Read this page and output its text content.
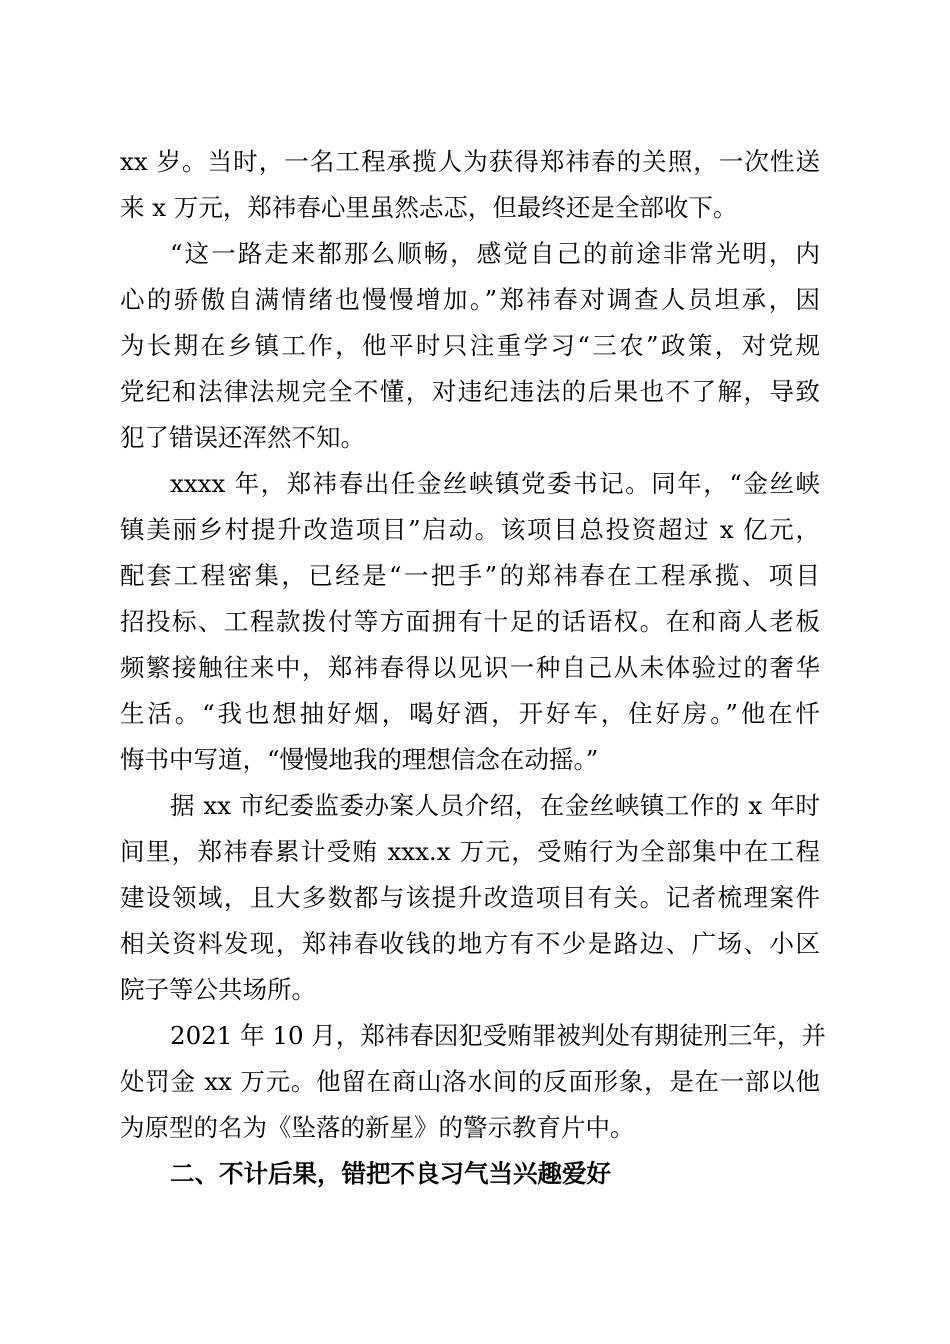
xx 岁。当时，一名工程承揽人为获得郑祎春的关照，一次性送
来 x 万元，郑祎春心里虽然忐忑，但最终还是全部收下。
“这一路走来都那么顺畅，感觉自己的前途非常光明，内
心的骄傲自满情绪也慢慢增加。”郑祎春对调查人员坦承，因
为长期在乡镇工作，他平时只注重学习“三农”政策，对党规
党纪和法律法规完全不懂，对违纪违法的后果也不了解，导致
犯了错误还浑然不知。
xxxx 年，郑祎春出任金丝峡镇党委书记。同年，“金丝峡
镇美丽乡村提升改造项目”启动。该项目总投资超过 x 亿元，
配套工程密集，已经是“一把手”的郑祎春在工程承揽、项目
招投标、工程款拨付等方面拥有十足的话语权。在和商人老板
频繁接触往来中，郑祎春得以见识一种自己从未体验过的奢华
生活。“我也想抽好烟，喝好酒，开好车，住好房。”他在忏
悔书中写道，“慢慢地我的理想信念在动摇。”
据 xx 市纪委监委办案人员介绍，在金丝峡镇工作的 x 年时
间里，郑祎春累计受贿 xxx.x 万元，受贿行为全部集中在工程
建设领域，且大多数都与该提升改造项目有关。记者梳理案件
相关资料发现，郑祎春收钱的地方有不少是路边、广场、小区
院子等公共场所。
2021 年 10 月，郑祎春因犯受贿罪被判处有期徒刑三年，并
处罚金 xx 万元。他留在商山洛水间的反面形象，是在一部以他
为原型的名为《坠落的新星》的警示教育片中。
二、不计后果，错把不良习气当兴趣爱好
